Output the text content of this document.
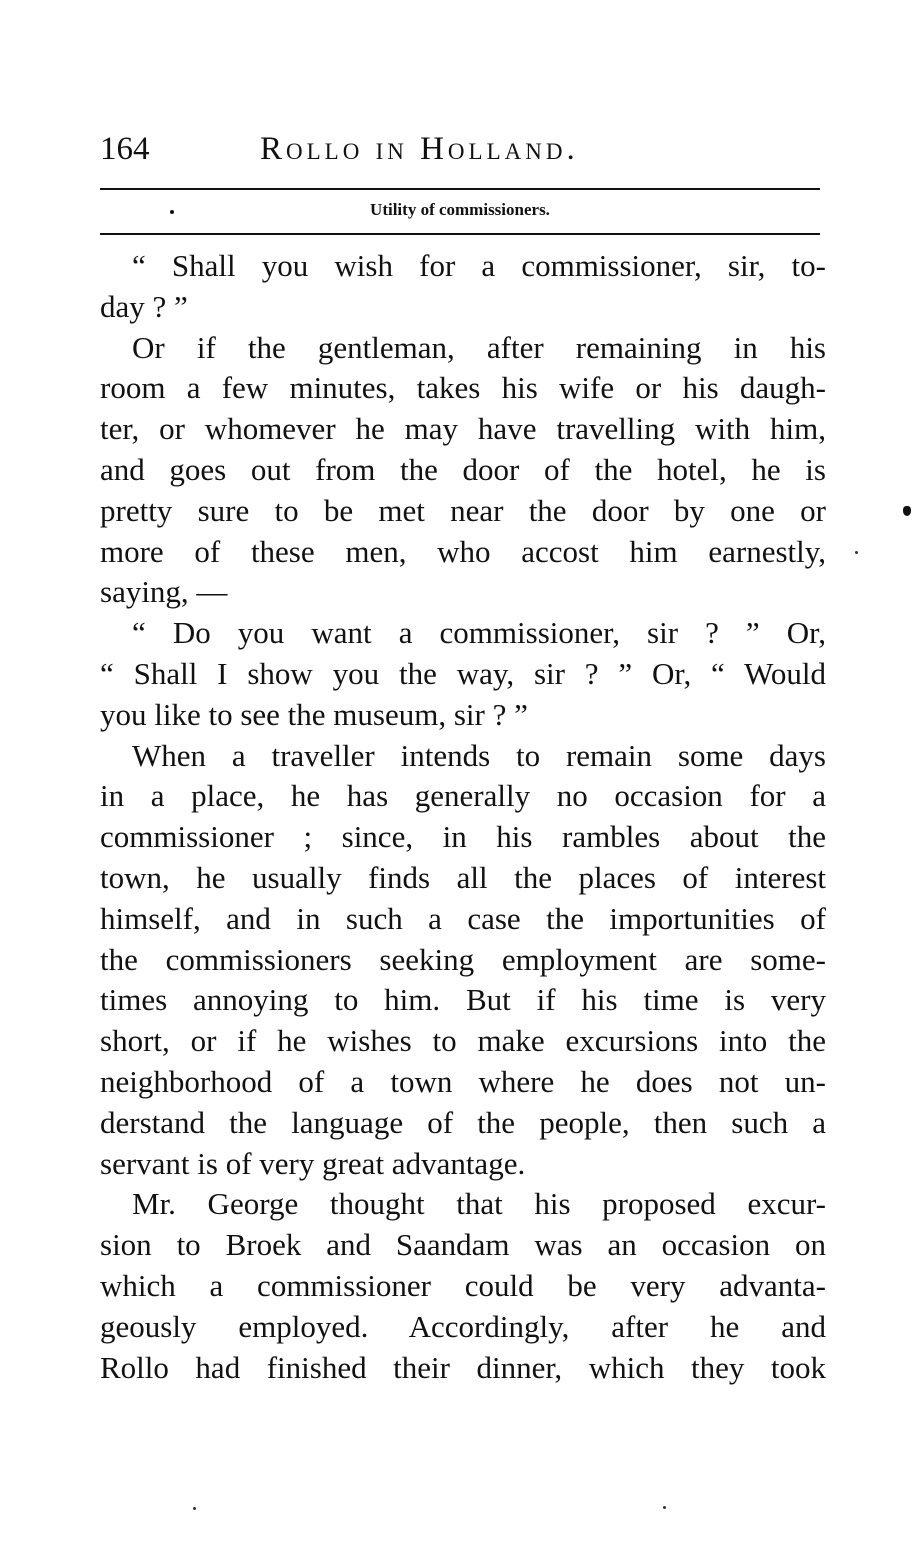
164	Rollo in Holland.
Utility of commissioners.
“ Shall you wish for a commissioner, sir, to-
day ? ”
Or if the gentleman, after remaining in his
room a few minutes, takes his wife or his daugh-
ter, or whomever he may have travelling with him,
and goes out from the door of the hotel, he is
pretty sure to be met near the door by one or
more of these men, who accost him earnestly,
saying, —
“ Do you want a commissioner, sir ? ” Or,
“ Shall I show you the way, sir ? ” Or, “ Would
you like to see the museum, sir ? ”
When a traveller intends to remain some days
in a place, he has generally no occasion for a
commissioner ; since, in his rambles about the
town, he usually finds all the places of interest
himself, and in such a case the importunities of
the commissioners seeking employment are some-
times annoying to him. But if his time is very
short, or if he wishes to make excursions into the
neighborhood of a town where he does not un-
derstand the language of the people, then such a
servant is of very great advantage.
Mr. George thought that his proposed excur-
sion to Broek and Saandam was an occasion on
which a commissioner could be very advanta-
geously employed. Accordingly, after he and
Rollo had finished their dinner, which they took
